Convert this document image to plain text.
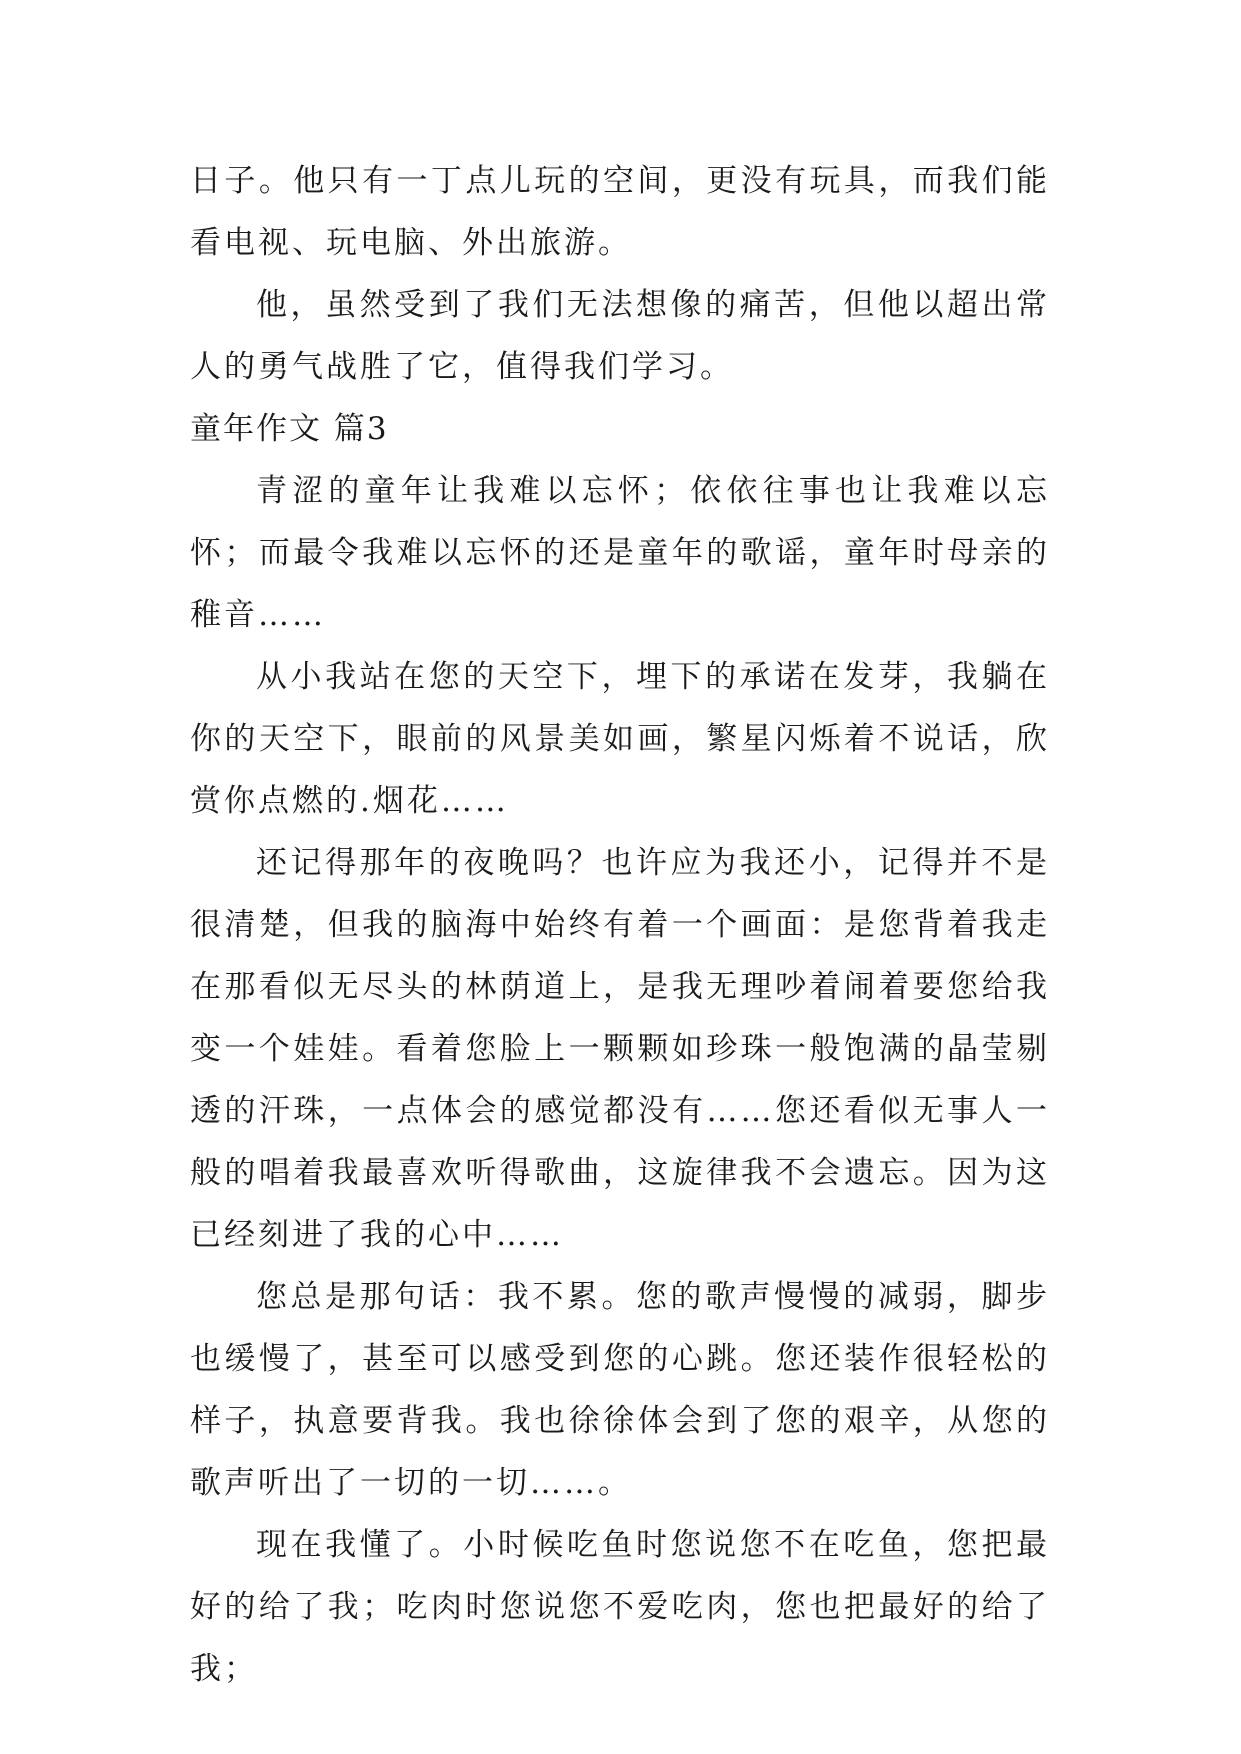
日子。他只有一丁点儿玩的空间，更没有玩具，而我们能看电视、玩电脑、外出旅游。

他，虽然受到了我们无法想像的痛苦，但他以超出常人的勇气战胜了它，值得我们学习。

童年作文 篇3

青涩的童年让我难以忘怀；依依往事也让我难以忘怀；而最令我难以忘怀的还是童年的歌谣，童年时母亲的稚音……

从小我站在您的天空下，埋下的承诺在发芽，我躺在你的天空下，眼前的风景美如画，繁星闪烁着不说话，欣赏你点燃的.烟花……

还记得那年的夜晚吗？也许应为我还小，记得并不是很清楚，但我的脑海中始终有着一个画面：是您背着我走在那看似无尽头的林荫道上，是我无理吵着闹着要您给我变一个娃娃。看着您脸上一颗颗如珍珠一般饱满的晶莹剔透的汗珠，一点体会的感觉都没有……您还看似无事人一般的唱着我最喜欢听得歌曲，这旋律我不会遗忘。因为这已经刻进了我的心中……

您总是那句话：我不累。您的歌声慢慢的减弱，脚步也缓慢了，甚至可以感受到您的心跳。您还装作很轻松的样子，执意要背我。我也徐徐体会到了您的艰辛，从您的歌声听出了一切的一切……。

现在我懂了。小时候吃鱼时您说您不在吃鱼，您把最好的给了我；吃肉时您说您不爱吃肉，您也把最好的给了我；
